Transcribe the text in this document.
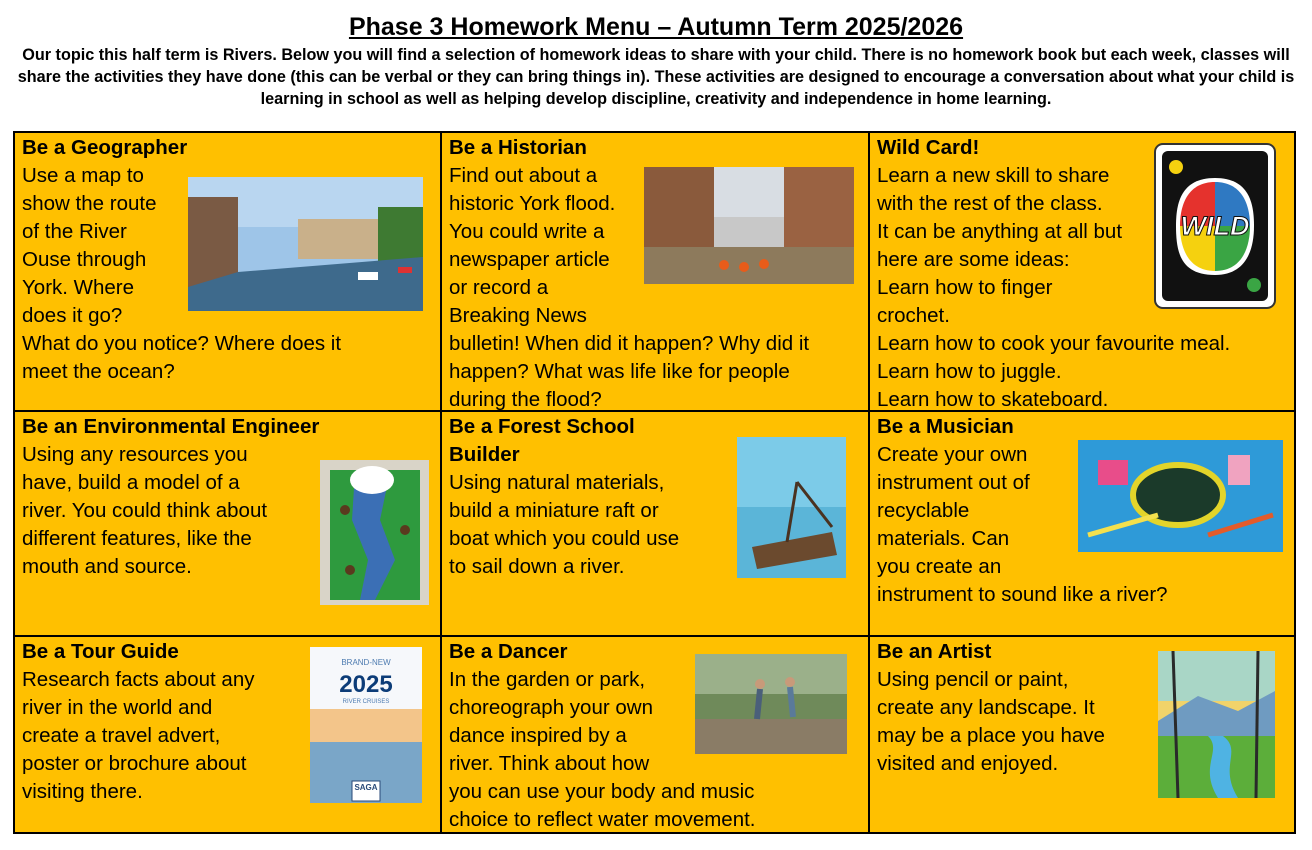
Phase 3 Homework Menu – Autumn Term 2025/2026
Our topic this half term is Rivers. Below you will find a selection of homework ideas to share with your child. There is no homework book but each week, classes will share the activities they have done (this can be verbal or they can bring things in). These activities are designed to encourage a conversation about what your child is learning in school as well as helping develop discipline, creativity and independence in home learning.
Be a Geographer
Use a map to
show the route
of the River
Ouse through
York. Where
does it go?
What do you notice? Where does it
meet the ocean?
Be a Historian
Find out about a
historic York flood.
You could write a
newspaper article
or record a
Breaking News
bulletin! When did it happen? Why did it
happen? What was life like for people
during the flood?
Wild Card!
Learn a new skill to share
with the rest of the class.
It can be anything at all but
here are some ideas:
Learn how to finger
crochet.
Learn how to cook your favourite meal.
Learn how to juggle.
Learn how to skateboard.
WILD
Be an Environmental Engineer
Using any resources you
have, build a model of a
river. You could think about
different features, like the
mouth and source.
Be a Forest School
Builder
Using natural materials,
build a miniature raft or
boat which you could use
to sail down a river.
Be a Musician
Create your own
instrument out of
recyclable
materials. Can
you create an
instrument to sound like a river?
Be a Tour Guide
Research facts about any
river in the world and
create a travel advert,
poster or brochure about
visiting there.
BRAND-NEW
2025
RIVER CRUISES
SAGA
Be a Dancer
In the garden or park,
choreograph your own
dance inspired by a
river. Think about how
you can use your body and music
choice to reflect water movement.
Be an Artist
Using pencil or paint,
create any landscape. It
may be a place you have
visited and enjoyed.
